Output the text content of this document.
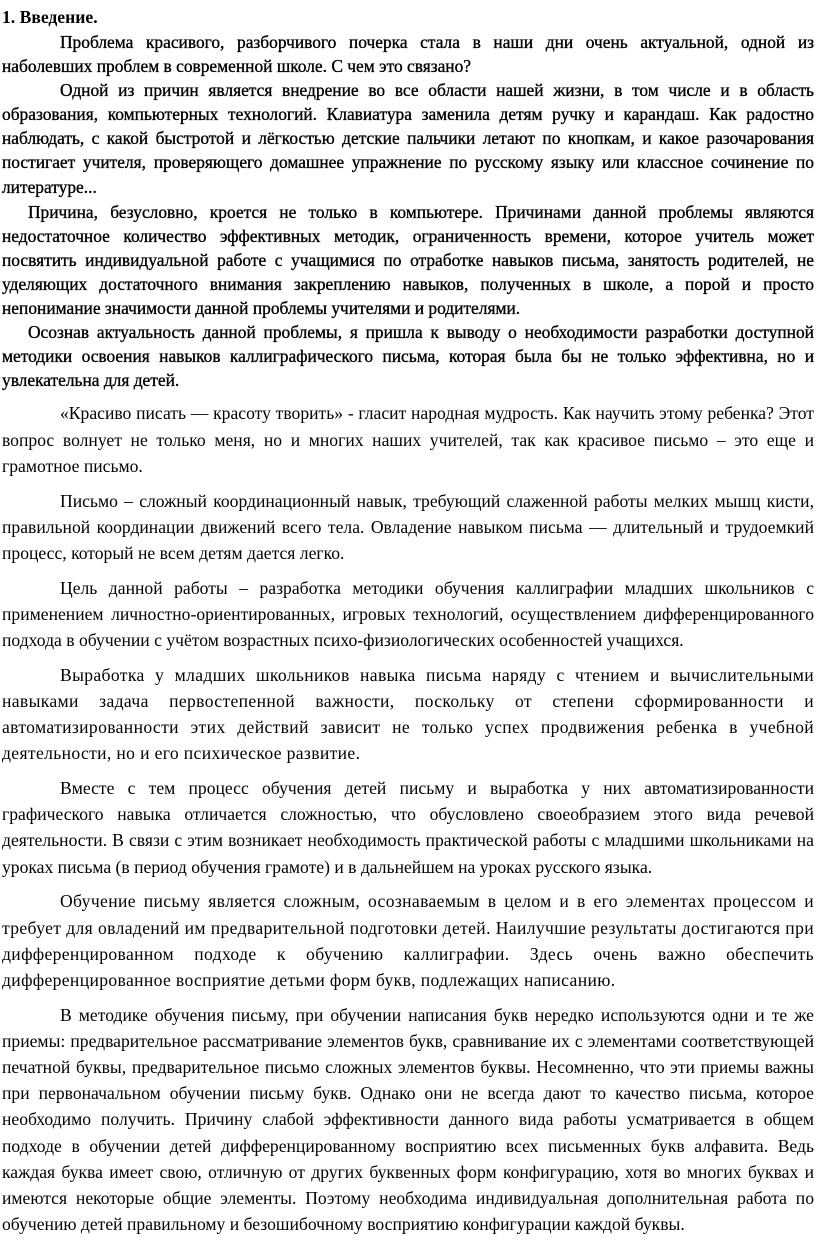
1. Введение.

Проблема красивого, разборчивого почерка стала в наши дни очень актуальной, одной из наболевших проблем в современной школе. С чем это связано?

Одной из причин является внедрение во все области нашей жизни, в том числе и в область образования, компьютерных технологий. Клавиатура заменила детям ручку и карандаш. Как радостно наблюдать, с какой быстротой и лёгкостью детские пальчики летают по кнопкам, и какое разочарования постигает учителя, проверяющего домашнее упражнение по русскому языку или классное сочинение по литературе...

Причина, безусловно, кроется не только в компьютере. Причинами данной проблемы являются недостаточное количество эффективных методик, ограниченность времени, которое учитель может посвятить индивидуальной работе с учащимися по отработке навыков письма, занятость родителей, не уделяющих достаточного внимания закреплению навыков, полученных в школе, а порой и просто непонимание значимости данной проблемы учителями и родителями.

Осознав актуальность данной проблемы, я пришла к выводу о необходимости разработки доступной методики освоения навыков каллиграфического письма, которая была бы не только эффективна, но и увлекательна для детей.

«Красиво писать — красоту творить» - гласит народная мудрость. Как научить этому ребенка? Этот вопрос волнует не только меня, но и многих наших учителей, так как красивое письмо – это еще и грамотное письмо.

Письмо – сложный координационный навык, требующий слаженной работы мелких мышц кисти, правильной координации движений всего тела. Овладение навыком письма — длительный и трудоемкий процесс, который не всем детям дается легко.

Цель данной работы – разработка методики обучения каллиграфии младших школьников с применением личностно-ориентированных, игровых технологий, осуществлением дифференцированного подхода в обучении с учётом возрастных психо-физиологических особенностей учащихся.

Выработка у младших школьников навыка письма наряду с чтением и вычислительными навыками задача первостепенной важности, поскольку от степени сформированности и автоматизированности этих действий зависит не только успех продвижения ребенка в учебной деятельности, но и его психическое развитие.

Вместе с тем процесс обучения детей письму и выработка у них автоматизированности графического навыка отличается сложностью, что обусловлено своеобразием этого вида речевой деятельности. В связи с этим возникает необходимость практической работы с младшими школьниками на уроках письма (в период обучения грамоте) и в дальнейшем на уроках русского языка.

Обучение письму является сложным, осознаваемым в целом и в его элементах процессом и требует для овладений им предварительной подготовки детей. Наилучшие результаты достигаются при дифференцированном подходе к обучению каллиграфии. Здесь очень важно обеспечить дифференцированное восприятие детьми форм букв, подлежащих написанию.

В методике обучения письму, при обучении написания букв нередко используются одни и те же приемы: предварительное рассматривание элементов букв, сравнивание их с элементами соответствующей печатной буквы, предварительное письмо сложных элементов буквы. Несомненно, что эти приемы важны при первоначальном обучении письму букв. Однако они не всегда дают то качество письма, которое необходимо получить. Причину слабой эффективности данного вида работы усматривается в общем подходе в обучении детей дифференцированному восприятию всех письменных букв алфавита. Ведь каждая буква имеет свою, отличную от других буквенных форм конфигурацию, хотя во многих буквах и имеются некоторые общие элементы. Поэтому необходима индивидуальная дополнительная работа по обучению детей правильному и безошибочному восприятию конфигурации каждой буквы.
